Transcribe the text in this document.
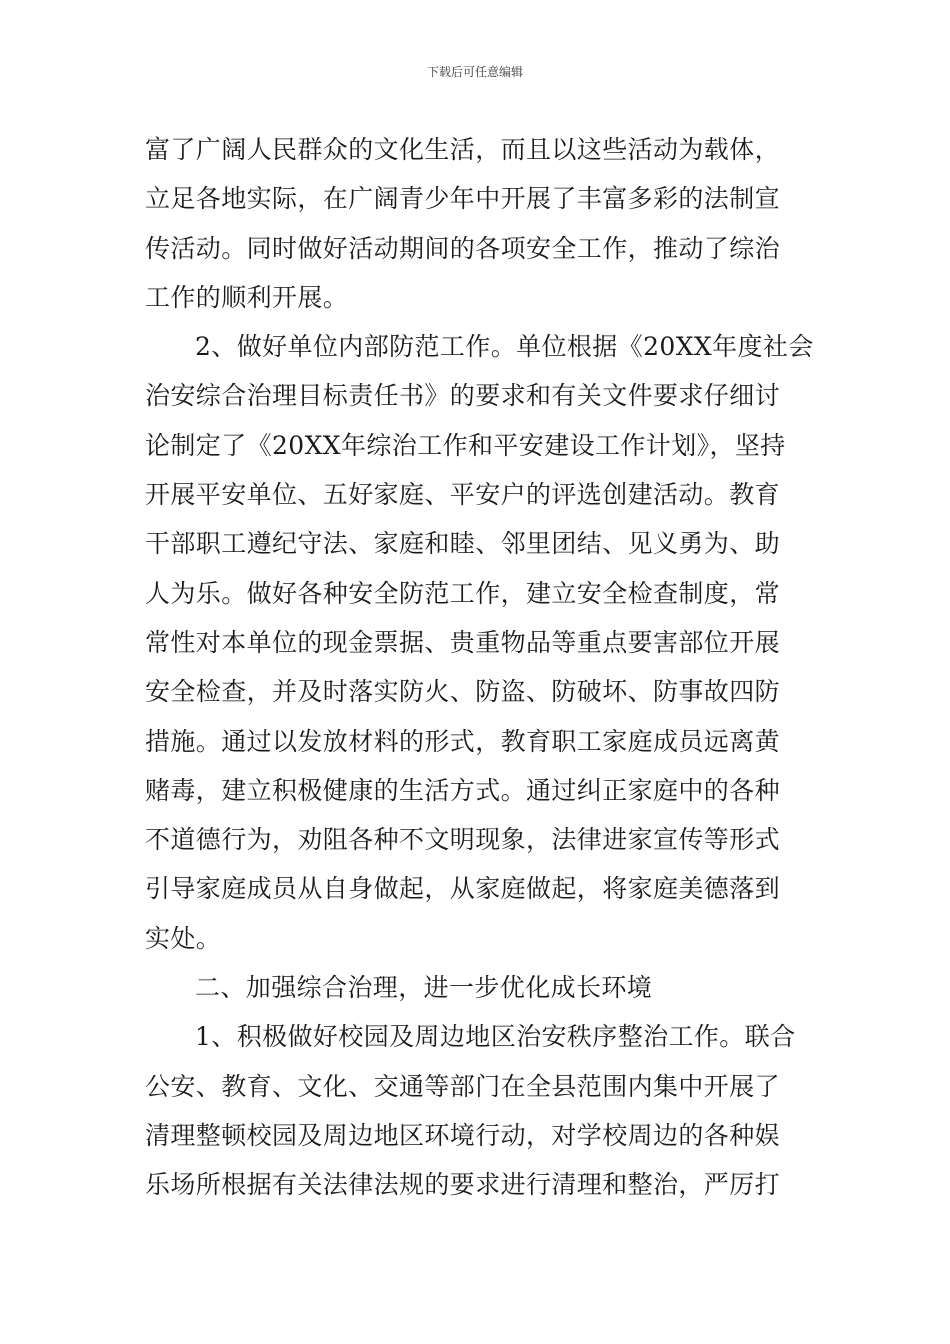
下载后可任意编辑
富了广阔人民群众的文化生活，而且以这些活动为载体，
立足各地实际，在广阔青少年中开展了丰富多彩的法制宣
传活动。同时做好活动期间的各项安全工作，推动了综治
工作的顺利开展。
2、做好单位内部防范工作。单位根据《20XX年度社会
治安综合治理目标责任书》的要求和有关文件要求仔细讨
论制定了《20XX年综治工作和平安建设工作计划》，坚持
开展平安单位、五好家庭、平安户的评选创建活动。教育
干部职工遵纪守法、家庭和睦、邻里团结、见义勇为、助
人为乐。做好各种安全防范工作，建立安全检查制度，常
常性对本单位的现金票据、贵重物品等重点要害部位开展
安全检查，并及时落实防火、防盗、防破坏、防事故四防
措施。通过以发放材料的形式，教育职工家庭成员远离黄
赌毒，建立积极健康的生活方式。通过纠正家庭中的各种
不道德行为，劝阻各种不文明现象，法律进家宣传等形式
引导家庭成员从自身做起，从家庭做起，将家庭美德落到
实处。
二、加强综合治理，进一步优化成长环境
1、积极做好校园及周边地区治安秩序整治工作。联合
公安、教育、文化、交通等部门在全县范围内集中开展了
清理整顿校园及周边地区环境行动，对学校周边的各种娱
乐场所根据有关法律法规的要求进行清理和整治，严厉打
